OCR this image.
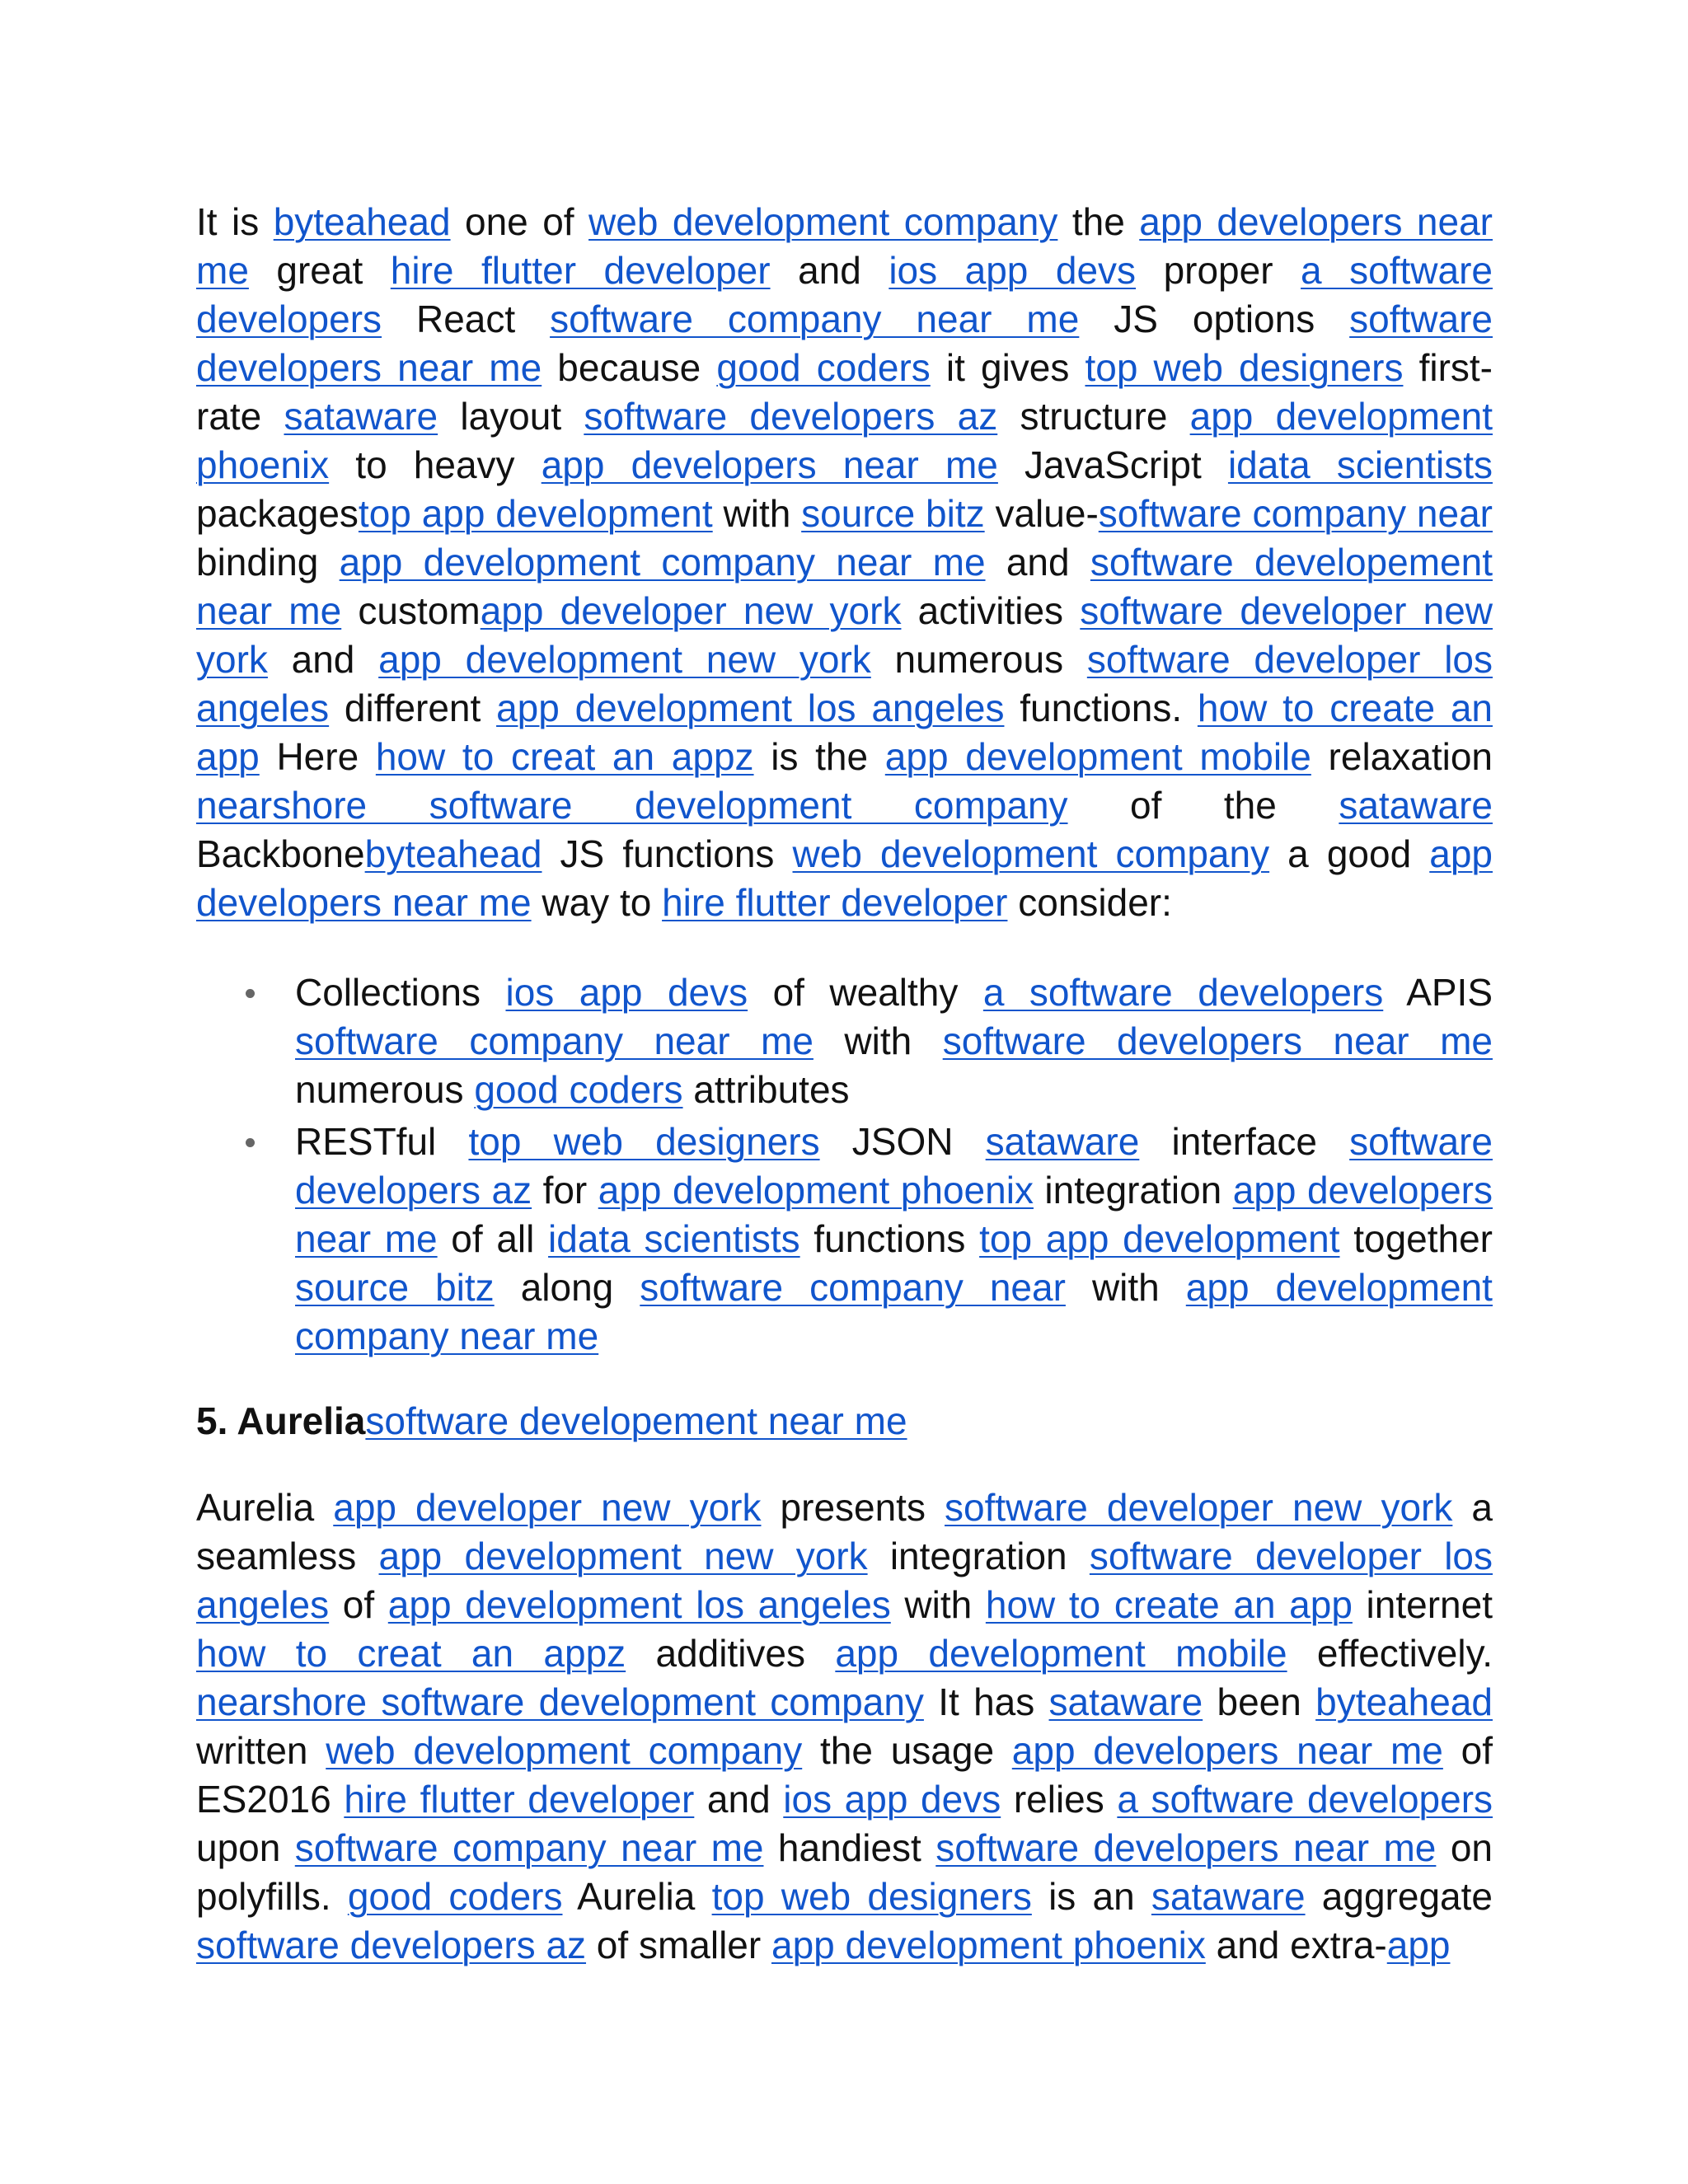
It is byteahead one of web development company the app developers near me great hire flutter developer and ios app devs proper a software developers React software company near me JS options software developers near me because good coders it gives top web designers first-rate sataware layout software developers az structure app development phoenix to heavy app developers near me JavaScript idata scientists packagestop app development with source bitz value-software company near binding app development company near me and software developement near me customapp developer new york activities software developer new york and app development new york numerous software developer los angeles different app development los angeles functions. how to create an app Here how to creat an appz is the app development mobile relaxation nearshore software development company of the sataware Backbonebyteahead JS functions web development company a good app developers near me way to hire flutter developer consider:

Collections ios app devs of wealthy a software developers APIS software company near me with software developers near me numerous good coders attributes
RESTful top web designers JSON sataware interface software developers az for app development phoenix integration app developers near me of all idata scientists functions top app development together source bitz along software company near with app development company near me

5. Aureliasoftware developement near me

Aurelia app developer new york presents software developer new york a seamless app development new york integration software developer los angeles of app development los angeles with how to create an app internet how to creat an appz additives app development mobile effectively. nearshore software development company It has sataware been byteahead written web development company the usage app developers near me of ES2016 hire flutter developer and ios app devs relies a software developers upon software company near me handiest software developers near me on polyfills. good coders Aurelia top web designers is an sataware aggregate software developers az of smaller app development phoenix and extra-app
